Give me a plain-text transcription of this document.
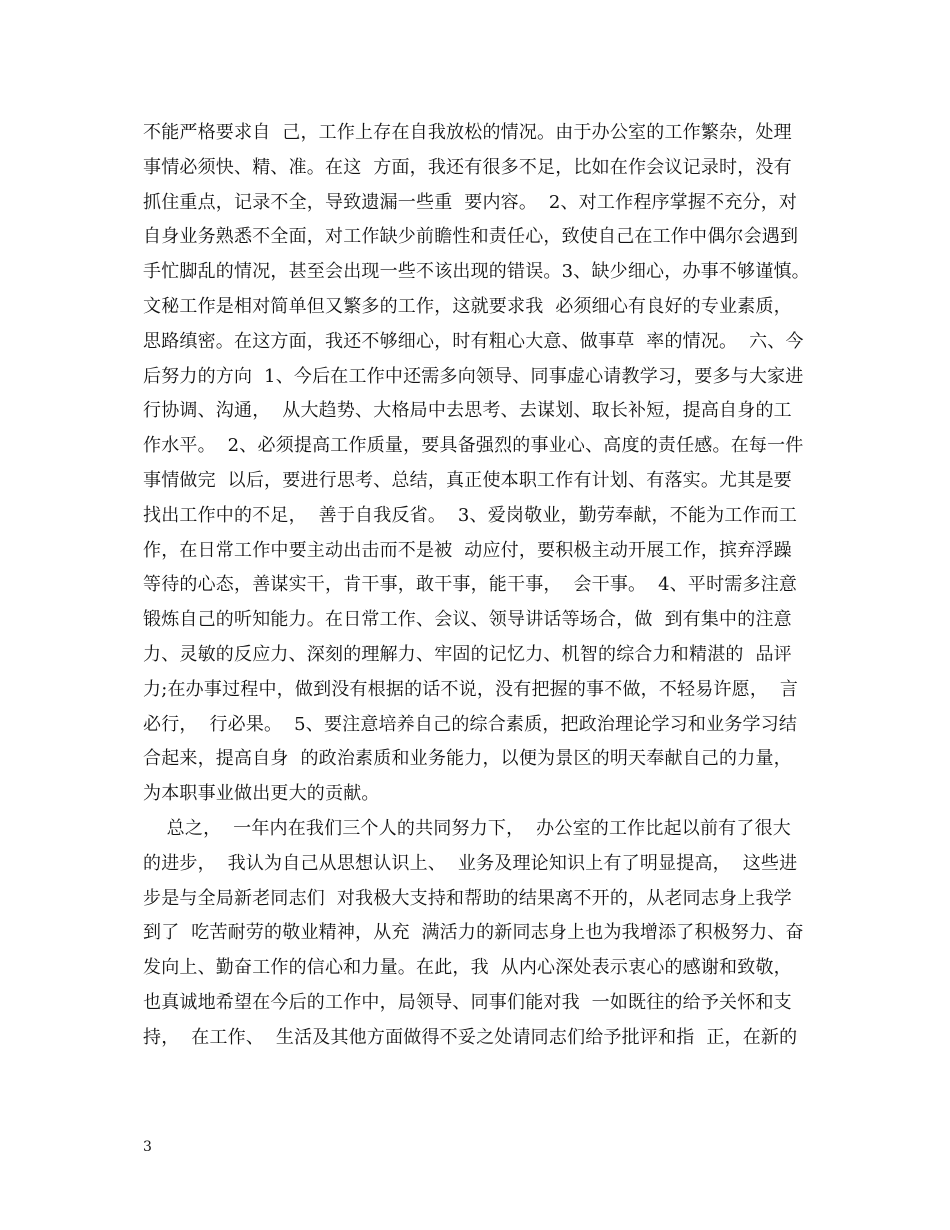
不能严格要求自  己，工作上存在自我放松的情况。由于办公室的工作繁杂，处理
事情必须快、精、准。在这  方面，我还有很多不足，比如在作会议记录时，没有
抓住重点，记录不全，导致遗漏一些重  要内容。  2、对工作程序掌握不充分，对
自身业务熟悉不全面，对工作缺少前瞻性和责任心，致使自己在工作中偶尔会遇到
手忙脚乱的情况，甚至会出现一些不该出现的错误。3、缺少细心，办事不够谨慎。
文秘工作是相对简单但又繁多的工作，这就要求我  必须细心有良好的专业素质，
思路缜密。在这方面，我还不够细心，时有粗心大意、做事草  率的情况。  六、今
后努力的方向  1、今后在工作中还需多向领导、同事虚心请教学习，要多与大家进
行协调、沟通，  从大趋势、大格局中去思考、去谋划、取长补短，提高自身的工
作水平。  2、必须提高工作质量，要具备强烈的事业心、高度的责任感。在每一件
事情做完  以后，要进行思考、总结，真正使本职工作有计划、有落实。尤其是要
找出工作中的不足，  善于自我反省。  3、爱岗敬业，勤劳奉献，不能为工作而工
作，在日常工作中要主动出击而不是被  动应付，要积极主动开展工作，摈弃浮躁
等待的心态，善谋实干，肯干事，敢干事，能干事，  会干事。  4、平时需多注意
锻炼自己的听知能力。在日常工作、会议、领导讲话等场合，做  到有集中的注意
力、灵敏的反应力、深刻的理解力、牢固的记忆力、机智的综合力和精湛的  品评
力;在办事过程中，做到没有根据的话不说，没有把握的事不做，不轻易许愿，  言
必行，  行必果。  5、要注意培养自己的综合素质，把政治理论学习和业务学习结
合起来，提高自身  的政治素质和业务能力，以便为景区的明天奉献自己的力量，
为本职事业做出更大的贡献。
总之，  一年内在我们三个人的共同努力下，  办公室的工作比起以前有了很大
的进步，  我认为自己从思想认识上、  业务及理论知识上有了明显提高，  这些进
步是与全局新老同志们  对我极大支持和帮助的结果离不开的，从老同志身上我学
到了  吃苦耐劳的敬业精神，从充  满活力的新同志身上也为我增添了积极努力、奋
发向上、勤奋工作的信心和力量。在此，我  从内心深处表示衷心的感谢和致敬，
也真诚地希望在今后的工作中，局领导、同事们能对我  一如既往的给予关怀和支
持，  在工作、  生活及其他方面做得不妥之处请同志们给予批评和指  正，在新的
3
